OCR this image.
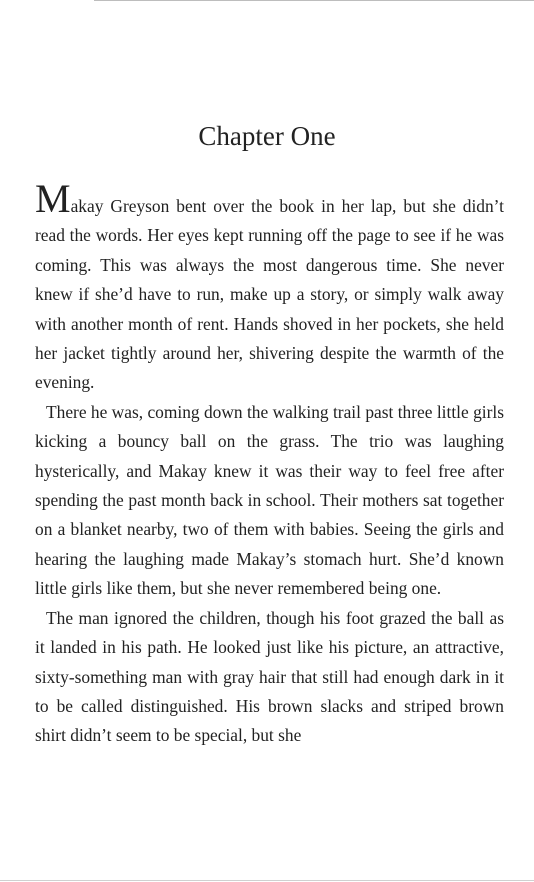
Chapter One

Makay Greyson bent over the book in her lap, but she didn’t read the words. Her eyes kept running off the page to see if he was coming. This was always the most dangerous time. She never knew if she’d have to run, make up a story, or simply walk away with another month of rent. Hands shoved in her pockets, she held her jacket tightly around her, shivering despite the warmth of the evening.

There he was, coming down the walking trail past three little girls kicking a bouncy ball on the grass. The trio was laughing hysterically, and Makay knew it was their way to feel free after spending the past month back in school. Their mothers sat together on a blanket nearby, two of them with babies. Seeing the girls and hearing the laughing made Makay’s stomach hurt. She’d known little girls like them, but she never remembered being one.

The man ignored the children, though his foot grazed the ball as it landed in his path. He looked just like his picture, an attractive, sixty-something man with gray hair that still had enough dark in it to be called distinguished. His brown slacks and striped brown shirt didn’t seem to be special, but she
